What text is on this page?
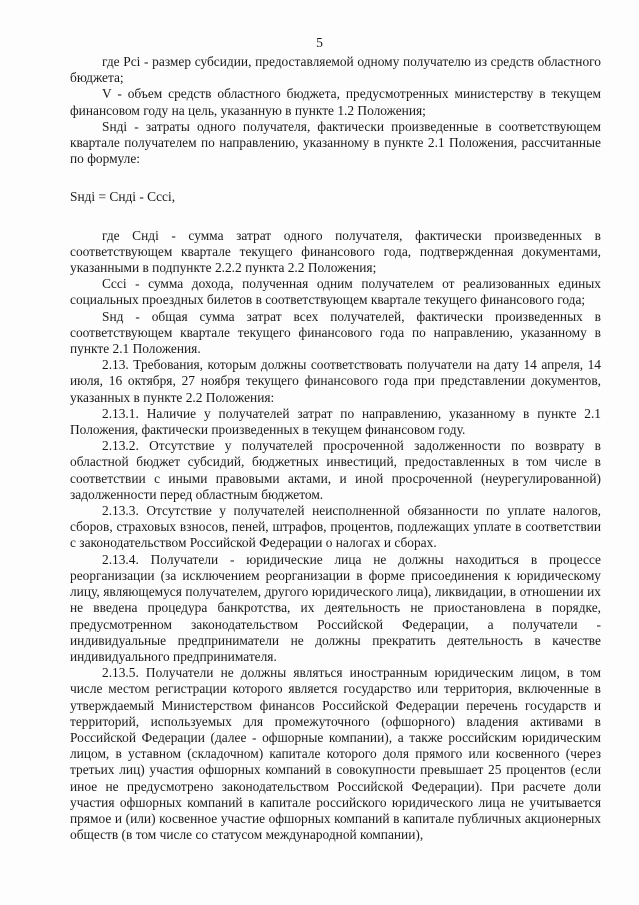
5

где Pci - размер субсидии, предоставляемой одному получателю из средств областного бюджета;

V - объем средств областного бюджета, предусмотренных министерству в текущем финансовом году на цель, указанную в пункте 1.2 Положения;

Sндi - затраты одного получателя, фактически произведенные в соответствующем квартале получателем по направлению, указанному в пункте 2.1 Положения, рассчитанные по формуле:

Sндi = Сндi - Cсci,

где Сндi - сумма затрат одного получателя, фактически произведенных в соответствующем квартале текущего финансового года, подтвержденная документами, указанными в подпункте 2.2.2 пункта 2.2 Положения;

Cсci - сумма дохода, полученная одним получателем от реализованных единых социальных проездных билетов в соответствующем квартале текущего финансового года;

Sнд - общая сумма затрат всех получателей, фактически произведенных в соответствующем квартале текущего финансового года по направлению, указанному в пункте 2.1 Положения.

2.13. Требования, которым должны соответствовать получатели на дату 14 апреля, 14 июля, 16 октября, 27 ноября текущего финансового года при представлении документов, указанных в пункте 2.2 Положения:

2.13.1. Наличие у получателей затрат по направлению, указанному в пункте 2.1 Положения, фактически произведенных в текущем финансовом году.

2.13.2. Отсутствие у получателей просроченной задолженности по возврату в областной бюджет субсидий, бюджетных инвестиций, предоставленных в том числе в соответствии с иными правовыми актами, и иной просроченной (неурегулированной) задолженности перед областным бюджетом.

2.13.3. Отсутствие у получателей неисполненной обязанности по уплате налогов, сборов, страховых взносов, пеней, штрафов, процентов, подлежащих уплате в соответствии с законодательством Российской Федерации о налогах и сборах.

2.13.4. Получатели - юридические лица не должны находиться в процессе реорганизации (за исключением реорганизации в форме присоединения к юридическому лицу, являющемуся получателем, другого юридического лица), ликвидации, в отношении их не введена процедура банкротства, их деятельность не приостановлена в порядке, предусмотренном законодательством Российской Федерации, а получатели - индивидуальные предприниматели не должны прекратить деятельность в качестве индивидуального предпринимателя.

2.13.5. Получатели не должны являться иностранным юридическим лицом, в том числе местом регистрации которого является государство или территория, включенные в утверждаемый Министерством финансов Российской Федерации перечень государств и территорий, используемых для промежуточного (офшорного) владения активами в Российской Федерации (далее - офшорные компании), а также российским юридическим лицом, в уставном (складочном) капитале которого доля прямого или косвенного (через третьих лиц) участия офшорных компаний в совокупности превышает 25 процентов (если иное не предусмотрено законодательством Российской Федерации). При расчете доли участия офшорных компаний в капитале российского юридического лица не учитывается прямое и (или) косвенное участие офшорных компаний в капитале публичных акционерных обществ (в том числе со статусом международной компании),
